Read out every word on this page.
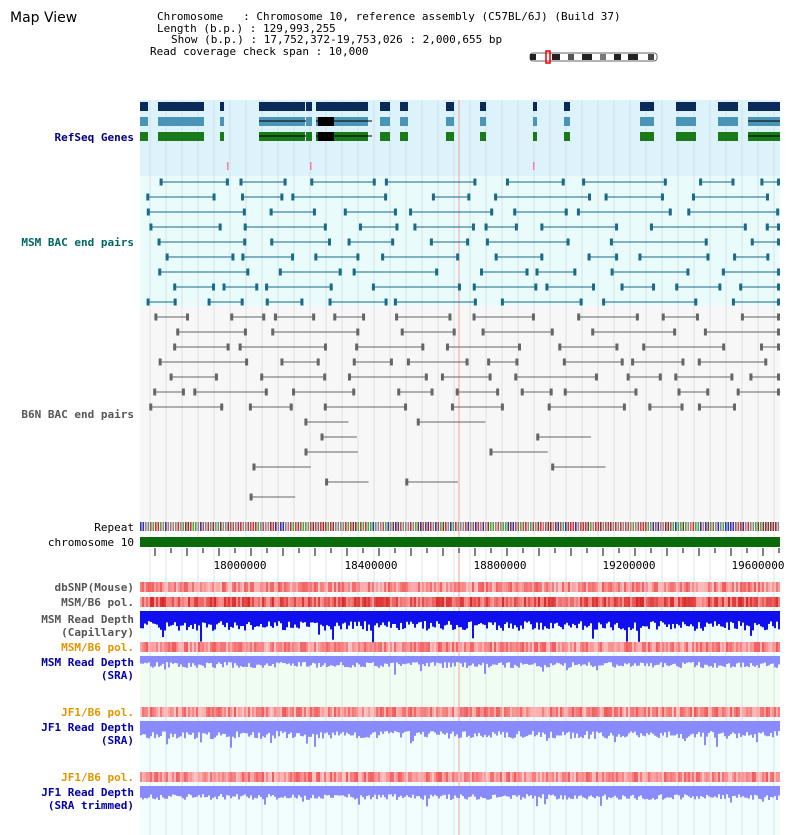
Map View	Chromosome   : Chromosome 10, reference assembly (C57BL/6J) (Build 37)
Length (b.p.) : 129,993,255
Show (b.p.) : 17,752,372-19,753,026 : 2,000,655 bp
Read coverage check span : 10,000
18000000	18400000	18800000	19200000	19600000
RefSeq Genes
MSM BAC end pairs
B6N BAC end pairs
Repeat
chromosome 10
dbSNP(Mouse)
MSM/B6 pol.
MSM Read Depth
(Capillary)
MSM/B6 pol.
MSM Read Depth
(SRA)
JF1/B6 pol.
JF1 Read Depth
(SRA)
JF1/B6 pol.
JF1 Read Depth
(SRA trimmed)
